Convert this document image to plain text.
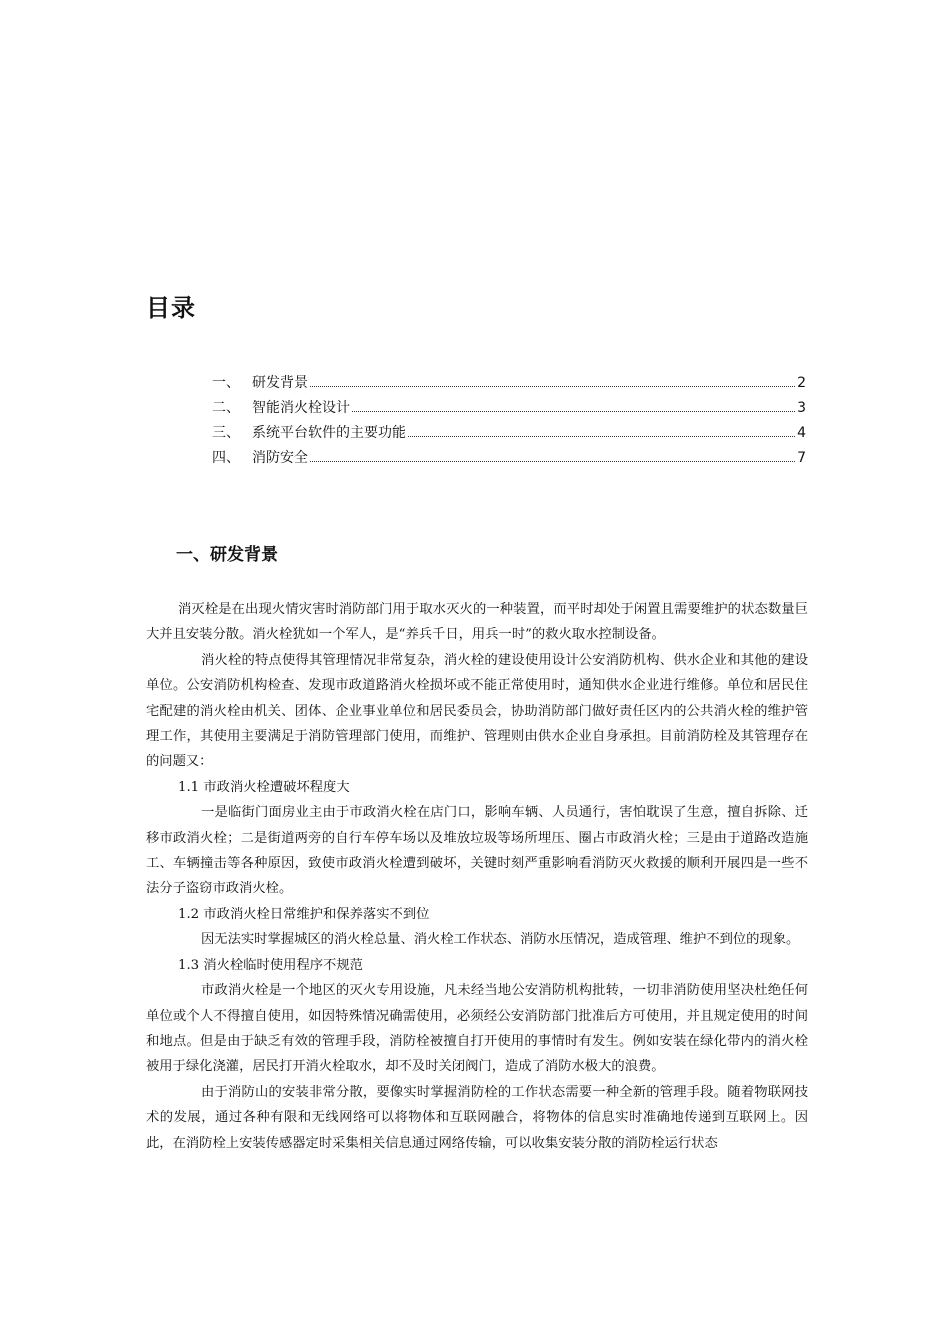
目录
一、 研发背景	2
二、 智能消火栓设计	3
三、 系统平台软件的主要功能	4
四、 消防安全	7
一、研发背景

消灭栓是在出现火情灾害时消防部门用于取水灭火的一种装置，而平时却处于闲置且需要维护的状态数量巨大并且安装分散。消火栓犹如一个军人，是“养兵千日，用兵一时”的救火取水控制设备。

消火栓的特点使得其管理情况非常复杂，消火栓的建设使用设计公安消防机构、供水企业和其他的建设单位。公安消防机构检查、发现市政道路消火栓损坏或不能正常使用时，通知供水企业进行维修。单位和居民住宅配建的消火栓由机关、团体、企业事业单位和居民委员会，协助消防部门做好责任区内的公共消火栓的维护管理工作，其使用主要满足于消防管理部门使用，而维护、管理则由供水企业自身承担。目前消防栓及其管理存在的问题又：

1.1 市政消火栓遭破坏程度大

一是临街门面房业主由于市政消火栓在店门口，影响车辆、人员通行，害怕耽误了生意，擅自拆除、迁移市政消火栓；二是街道两旁的自行车停车场以及堆放垃圾等场所埋压、圈占市政消火栓；三是由于道路改造施工、车辆撞击等各种原因，致使市政消火栓遭到破坏，关键时刻严重影响看消防灭火救援的顺利开展四是一些不法分子盗窃市政消火栓。

1.2 市政消火栓日常维护和保养落实不到位

因无法实时掌握城区的消火栓总量、消火栓工作状态、消防水压情况，造成管理、维护不到位的现象。

1.3 消火栓临时使用程序不规范

市政消火栓是一个地区的灭火专用设施，凡未经当地公安消防机构批转，一切非消防使用坚决杜绝任何单位或个人不得擅自使用，如因特殊情况确需使用，必须经公安消防部门批准后方可使用，并且规定使用的时间和地点。但是由于缺乏有效的管理手段，消防栓被擅自打开使用的事情时有发生。例如安装在绿化带内的消火栓被用于绿化浇灌，居民打开消火栓取水，却不及时关闭阀门，造成了消防水极大的浪费。

由于消防山的安装非常分散，要像实时掌握消防栓的工作状态需要一种全新的管理手段。随着物联网技术的发展，通过各种有限和无线网络可以将物体和互联网融合，将物体的信息实时准确地传递到互联网上。因此，在消防栓上安装传感器定时采集相关信息通过网络传输，可以收集安装分散的消防栓运行状态
